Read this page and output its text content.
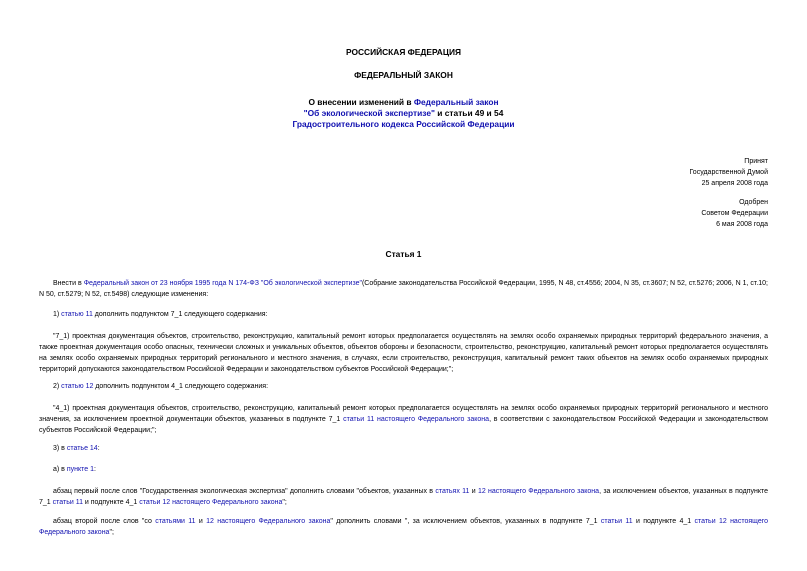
РОССИЙСКАЯ ФЕДЕРАЦИЯ
ФЕДЕРАЛЬНЫЙ ЗАКОН
О внесении изменений в Федеральный закон
"Об экологической экспертизе" и статьи 49 и 54
Градостроительного кодекса Российской Федерации
Принят
Государственной Думой
25 апреля 2008 года
Одобрен
Советом Федерации
6 мая 2008 года
Статья 1
Внести в Федеральный закон от 23 ноября 1995 года N 174-ФЗ "Об экологической экспертизе"(Собрание законодательства Российской Федерации, 1995, N 48, ст.4556; 2004, N 35, ст.3607; N 52, ст.5276; 2006, N 1, ст.10; N 50, ст.5279; N 52, ст.5498) следующие изменения:
1) статью 11 дополнить подпунктом 7_1 следующего содержания:
"7_1) проектная документация объектов, строительство, реконструкцию, капитальный ремонт которых предполагается осуществлять на землях особо охраняемых природных территорий федерального значения, а также проектная документация особо опасных, технически сложных и уникальных объектов, объектов обороны и безопасности, строительство, реконструкцию, капитальный ремонт которых предполагается осуществлять на землях особо охраняемых природных территорий регионального и местного значения, в случаях, если строительство, реконструкция, капитальный ремонт таких объектов на землях особо охраняемых природных территорий допускаются законодательством Российской Федерации и законодательством субъектов Российской Федерации;";
2) статью 12 дополнить подпунктом 4_1 следующего содержания:
"4_1) проектная документация объектов, строительство, реконструкцию, капитальный ремонт которых предполагается осуществлять на землях особо охраняемых природных территорий регионального и местного значения, за исключением проектной документации объектов, указанных в подпункте 7_1 статьи 11 настоящего Федерального закона, в соответствии с законодательством Российской Федерации и законодательством субъектов Российской Федерации;";
3) в статье 14:
а) в пункте 1:
абзац первый после слов "Государственная экологическая экспертиза" дополнить словами "объектов, указанных в статьях 11 и 12 настоящего Федерального закона, за исключением объектов, указанных в подпункте 7_1 статьи 11 и подпункте 4_1 статьи 12 настоящего Федерального закона";
абзац второй после слов "со статьями 11 и 12 настоящего Федерального закона" дополнить словами ", за исключением объектов, указанных в подпункте 7_1 статьи 11 и подпункте 4_1 статьи 12 настоящего Федерального закона";
